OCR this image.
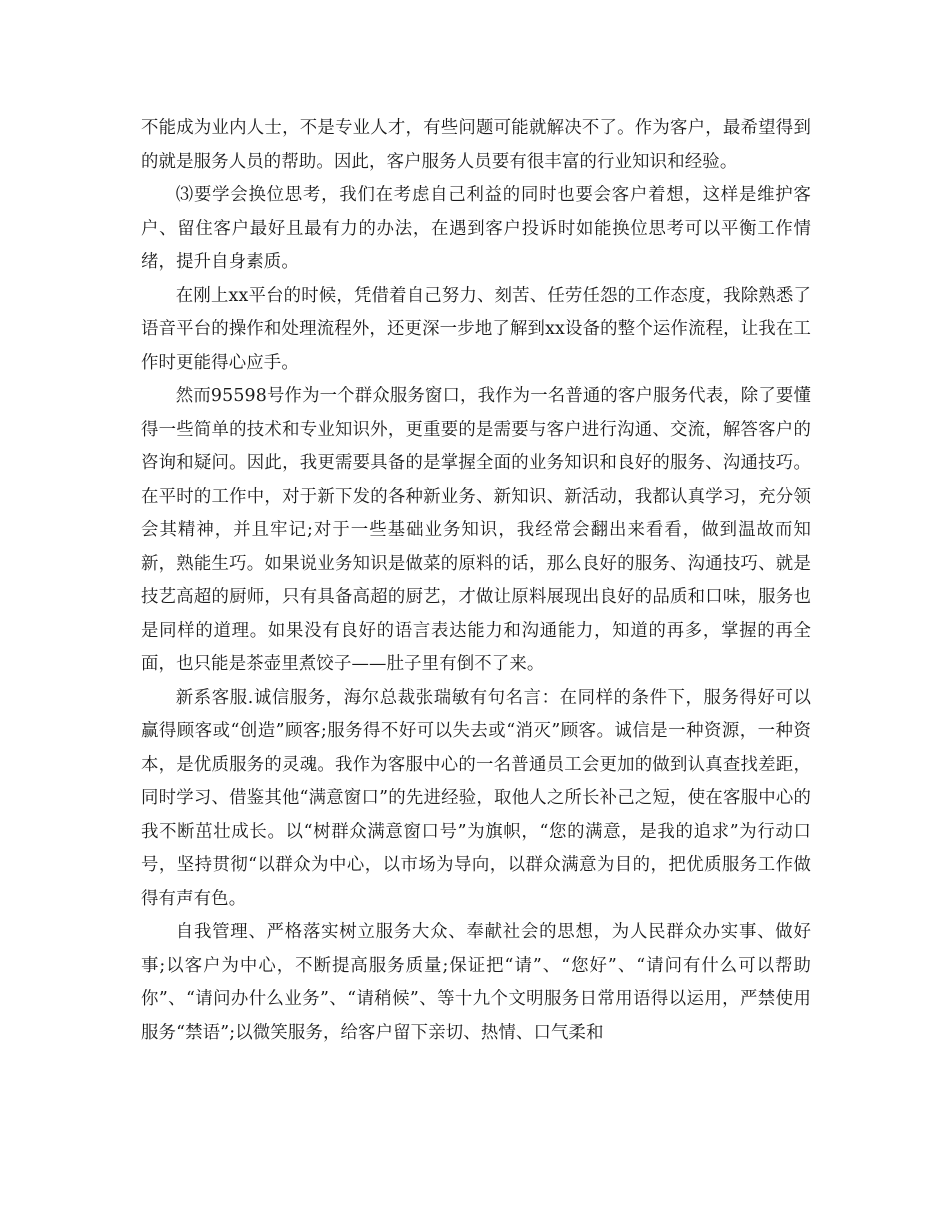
不能成为业内人士，不是专业人才，有些问题可能就解决不了。作为客户，最希望得到的就是服务人员的帮助。因此，客户服务人员要有很丰富的行业知识和经验。

⑶要学会换位思考，我们在考虑自己利益的同时也要会客户着想，这样是维护客户、留住客户最好且最有力的办法，在遇到客户投诉时如能换位思考可以平衡工作情绪，提升自身素质。

在刚上xx平台的时候，凭借着自己努力、刻苦、任劳任怨的工作态度，我除熟悉了语音平台的操作和处理流程外，还更深一步地了解到xx设备的整个运作流程，让我在工作时更能得心应手。

然而95598号作为一个群众服务窗口，我作为一名普通的客户服务代表，除了要懂得一些简单的技术和专业知识外，更重要的是需要与客户进行沟通、交流，解答客户的咨询和疑问。因此，我更需要具备的是掌握全面的业务知识和良好的服务、沟通技巧。在平时的工作中，对于新下发的各种新业务、新知识、新活动，我都认真学习，充分领会其精神，并且牢记;对于一些基础业务知识，我经常会翻出来看看，做到温故而知新，熟能生巧。如果说业务知识是做菜的原料的话，那么良好的服务、沟通技巧、就是技艺高超的厨师，只有具备高超的厨艺，才做让原料展现出良好的品质和口味，服务也是同样的道理。如果没有良好的语言表达能力和沟通能力，知道的再多，掌握的再全面，也只能是茶壶里煮饺子——肚子里有倒不了来。

新系客服.诚信服务，海尔总裁张瑞敏有句名言：在同样的条件下，服务得好可以赢得顾客或“创造”顾客;服务得不好可以失去或“消灭”顾客。诚信是一种资源，一种资本，是优质服务的灵魂。我作为客服中心的一名普通员工会更加的做到认真查找差距，同时学习、借鉴其他“满意窗口”的先进经验，取他人之所长补己之短，使在客服中心的我不断茁壮成长。以“树群众满意窗口号”为旗帜，“您的满意，是我的追求”为行动口号，坚持贯彻“以群众为中心，以市场为导向，以群众满意为目的，把优质服务工作做得有声有色。

自我管理、严格落实树立服务大众、奉献社会的思想，为人民群众办实事、做好事;以客户为中心，不断提高服务质量;保证把“请”、“您好”、“请问有什么可以帮助你”、“请问办什么业务”、“请稍候”、等十九个文明服务日常用语得以运用，严禁使用服务“禁语”;以微笑服务，给客户留下亲切、热情、口气柔和
